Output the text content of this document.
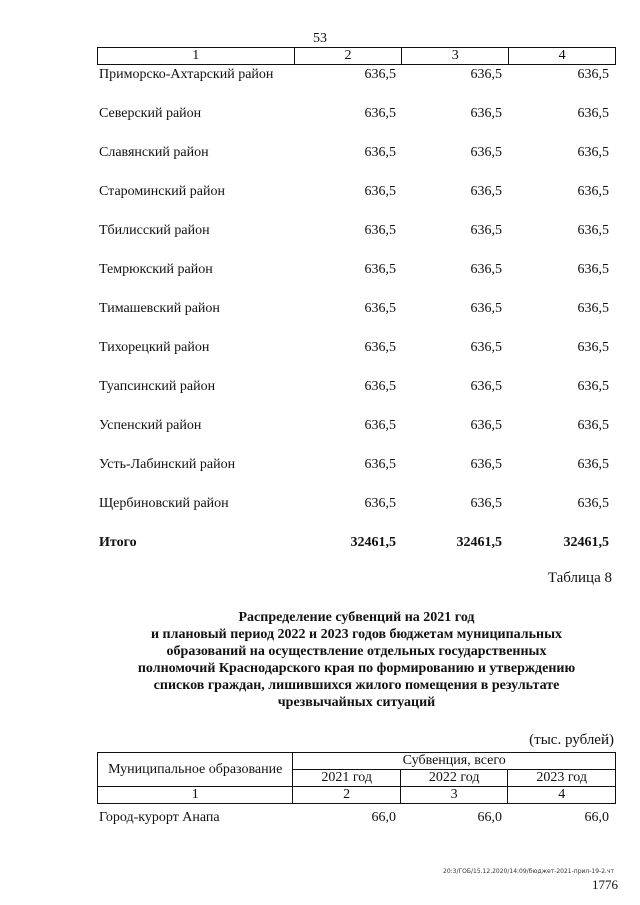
53
1	2	3	4
Приморско-Ахтарский район	636,5	636,5	636,5
Северский район	636,5	636,5	636,5
Славянский район	636,5	636,5	636,5
Староминский район	636,5	636,5	636,5
Тбилисский район	636,5	636,5	636,5
Темрюкский район	636,5	636,5	636,5
Тимашевский район	636,5	636,5	636,5
Тихорецкий район	636,5	636,5	636,5
Туапсинский район	636,5	636,5	636,5
Успенский район	636,5	636,5	636,5
Усть-Лабинский район	636,5	636,5	636,5
Щербиновский район	636,5	636,5	636,5
Итого	32461,5	32461,5	32461,5
Таблица 8
Распределение субвенций на 2021 год
и плановый период 2022 и 2023 годов бюджетам муниципальных
образований на осуществление отдельных государственных
полномочий Краснодарского края по формированию и утверждению
списков граждан, лишившихся жилого помещения в результате
чрезвычайных ситуаций
(тыс. рублей)
Муниципальное образование	Субвенция, всего		
	2021 год	2022 год	2023 год
1	2	3	4
Город-курорт Анапа	66,0	66,0	66,0
20:3/ГОБ/15.12.2020/14:09/бюджет-2021-прил-19-2.чт
1776
